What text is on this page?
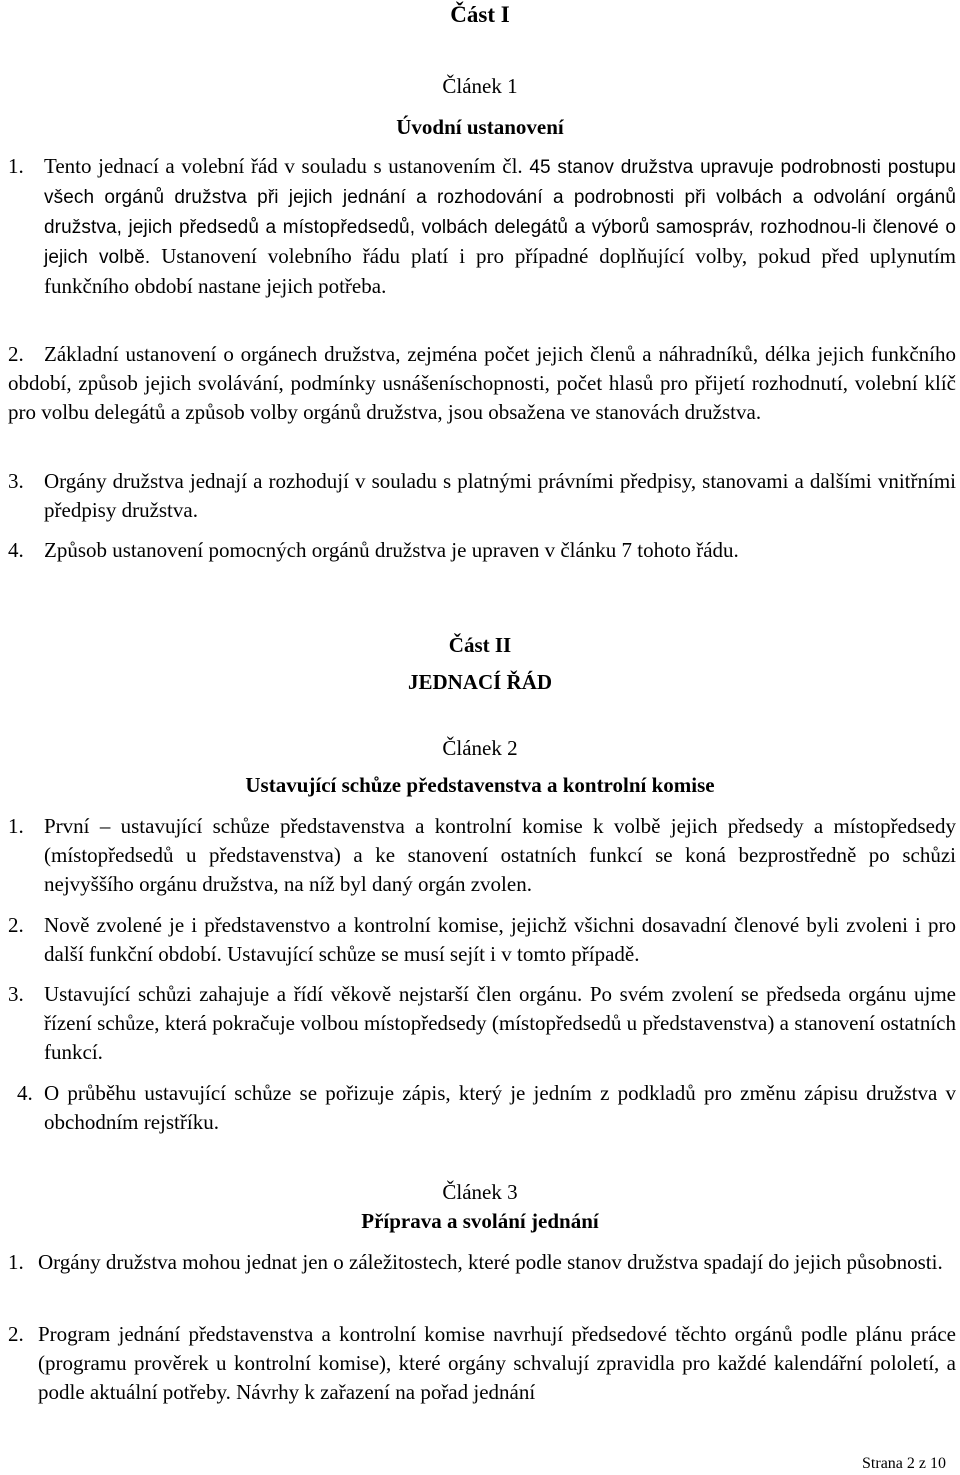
Část I
Článek 1
Úvodní ustanovení
1. Tento jednací a volební řád v souladu s ustanovením čl. 45 stanov družstva upravuje podrobnosti postupu všech orgánů družstva při jejich jednání a rozhodování a podrobnosti při volbách a odvolání orgánů družstva, jejich předsedů a místopředsedů, volbách delegátů a výborů samospráv, rozhodnou-li členové o jejich volbě. Ustanovení volebního řádu platí i pro případné doplňující volby, pokud před uplynutím funkčního období nastane jejich potřeba.
2. Základní ustanovení o orgánech družstva, zejména počet jejich členů a náhradníků, délka jejich funkčního období, způsob jejich svolávání, podmínky usnášeníschopnosti, počet hlasů pro přijetí rozhodnutí, volební klíč pro volbu delegátů a způsob volby orgánů družstva, jsou obsažena ve stanovách družstva.
3. Orgány družstva jednají a rozhodují v souladu s platnými právními předpisy, stanovami a dalšími vnitřními předpisy družstva.
4. Způsob ustanovení pomocných orgánů družstva je upraven v článku 7 tohoto řádu.
Část II
JEDNACÍ ŘÁD
Článek 2
Ustavující schůze představenstva a kontrolní komise
1. První – ustavující schůze představenstva a kontrolní komise k volbě jejich předsedy a místopředsedy (místopředsedů u představenstva) a ke stanovení ostatních funkcí se koná bezprostředně po schůzi nejvyššího orgánu družstva, na níž byl daný orgán zvolen.
2. Nově zvolené je i představenstvo a kontrolní komise, jejichž všichni dosavadní členové byli zvoleni i pro další funkční období. Ustavující schůze se musí sejít i v tomto případě.
3. Ustavující schůzi zahajuje a řídí věkově nejstarší člen orgánu. Po svém zvolení se předseda orgánu ujme řízení schůze, která pokračuje volbou místopředsedy (místopředsedů u představenstva) a stanovení ostatních funkcí.
4. O průběhu ustavující schůze se pořizuje zápis, který je jedním z podkladů pro změnu zápisu družstva v obchodním rejstříku.
Článek 3
Příprava a svolání jednání
1. Orgány družstva mohou jednat jen o záležitostech, které podle stanov družstva spadají do jejich působnosti.
2. Program jednání představenstva a kontrolní komise navrhují předsedové těchto orgánů podle plánu práce (programu prověrek u kontrolní komise), které orgány schvalují zpravidla pro každé kalendářní pololetí, a podle aktuální potřeby. Návrhy k zařazení na pořad jednání
Strana 2 z 10
